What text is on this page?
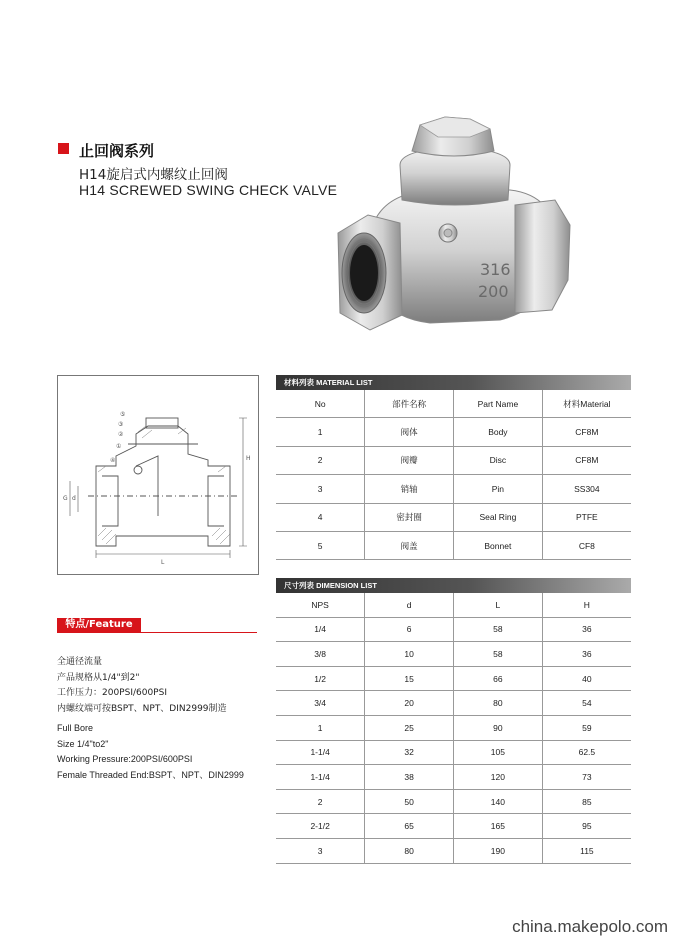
止回阀系列
H14旋启式内螺纹止回阀
H14 SCREWED SWING CHECK VALVE
316
200
L
H
d
G
①
②
③
④
⑤
材料列表 MATERIAL LIST			
No	部件名称	Part Name	材料Material
1	阀体	Body	CF8M
2	阀瓣	Disc	CF8M
3	销轴	Pin	SS304
4	密封圈	Seal Ring	PTFE
5	阀盖	Bonnet	CF8
尺寸列表 DIMENSION LIST			
NPS	d	L	H
1/4	6	58	36
3/8	10	58	36
1/2	15	66	40
3/4	20	80	54
1	25	90	59
1-1/4	32	105	62.5
1-1/4	38	120	73
2	50	140	85
2-1/2	65	165	95
3	80	190	115
特点/Feature
全通径流量
产品规格从1/4"到2"
工作压力：200PSI/600PSI
内螺纹端可按BSPT、NPT、DIN2999制造
Full Bore
Size 1/4"to2"
Working Pressure:200PSI/600PSI
Female Threaded End:BSPT、NPT、DIN2999
china.makepolo.com
